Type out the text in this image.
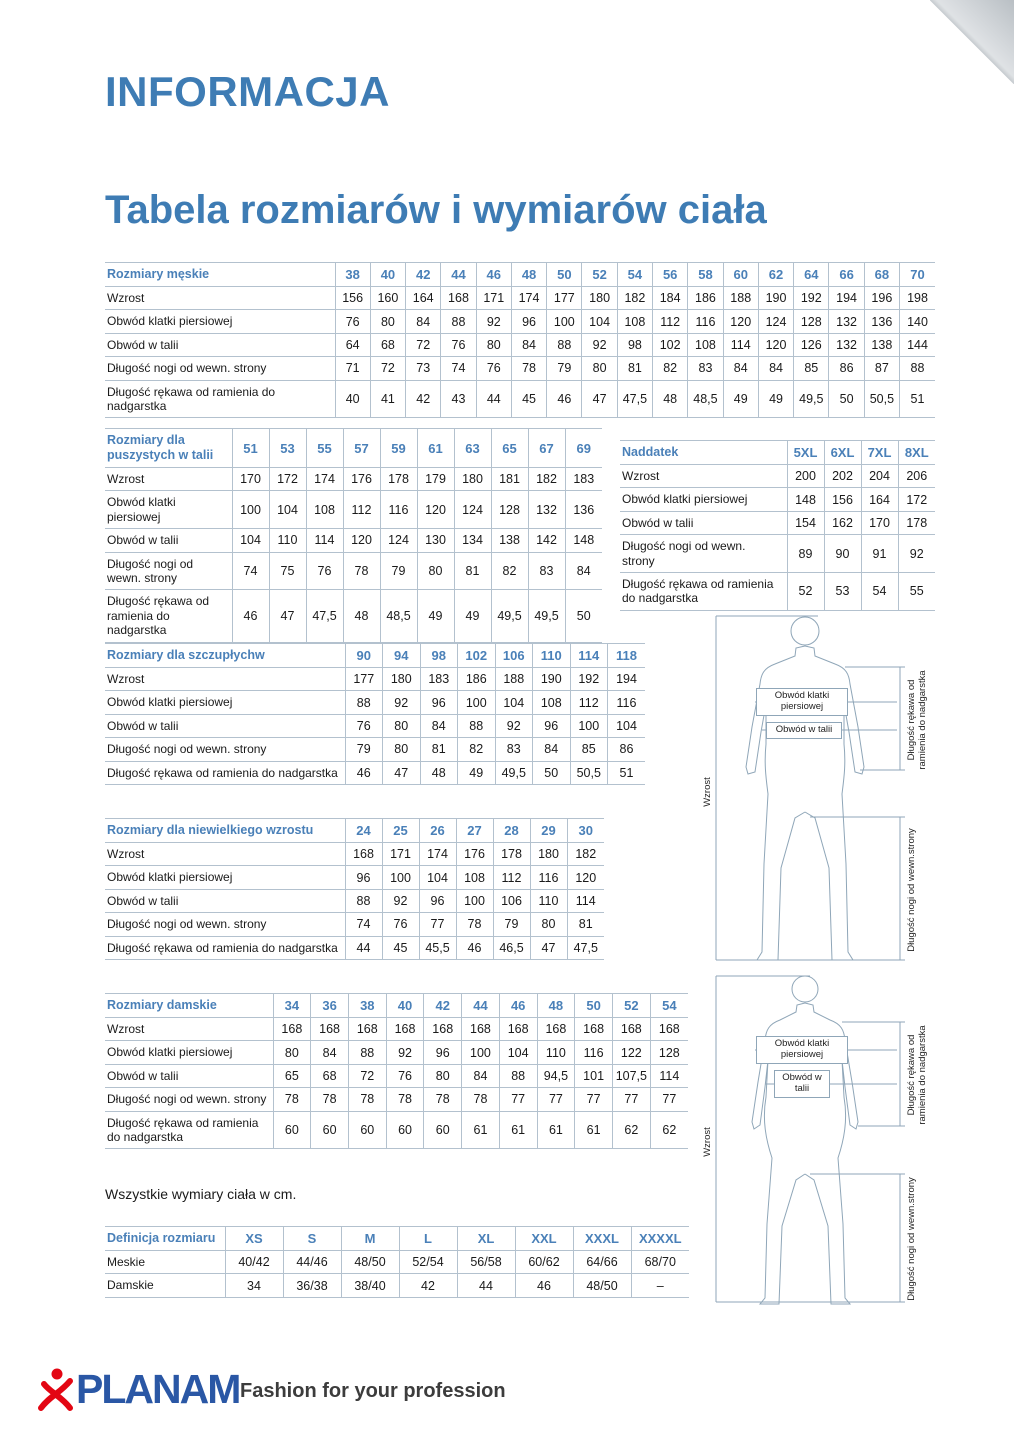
INFORMACJA
Tabela rozmiarów i wymiarów ciała
Rozmiary męskie	38	40	42	44	46	48	50	52	54	56	58	60	62	64	66	68	70
Wzrost	156	160	164	168	171	174	177	180	182	184	186	188	190	192	194	196	198
Obwód klatki piersiowej	76	80	84	88	92	96	100	104	108	112	116	120	124	128	132	136	140
Obwód w talii	64	68	72	76	80	84	88	92	98	102	108	114	120	126	132	138	144
Długość nogi od wewn. strony	71	72	73	74	76	78	79	80	81	82	83	84	84	85	86	87	88
Długość rękawa od ramienia do nadgarstka	40	41	42	43	44	45	46	47	47,5	48	48,5	49	49	49,5	50	50,5	51
Rozmiary dla puszystych w talii	51	53	55	57	59	61	63	65	67	69
Wzrost	170	172	174	176	178	179	180	181	182	183
Obwód klatki piersiowej	100	104	108	112	116	120	124	128	132	136
Obwód w talii	104	110	114	120	124	130	134	138	142	148
Długość nogi od wewn. strony	74	75	76	78	79	80	81	82	83	84
Długość rękawa od ramienia do nadgarstka	46	47	47,5	48	48,5	49	49	49,5	49,5	50
Naddatek	5XL	6XL	7XL	8XL
Wzrost	200	202	204	206
Obwód klatki piersiowej	148	156	164	172
Obwód w talii	154	162	170	178
Długość nogi od wewn. strony	89	90	91	92
Długość rękawa od ramienia do nadgarstka	52	53	54	55
Rozmiary dla szczupłychw	90	94	98	102	106	110	114	118
Wzrost	177	180	183	186	188	190	192	194
Obwód klatki piersiowej	88	92	96	100	104	108	112	116
Obwód w talii	76	80	84	88	92	96	100	104
Długość nogi od wewn. strony	79	80	81	82	83	84	85	86
Długość rękawa od ramienia do nadgarstka	46	47	48	49	49,5	50	50,5	51
Rozmiary dla niewielkiego wzrostu	24	25	26	27	28	29	30
Wzrost	168	171	174	176	178	180	182
Obwód klatki piersiowej	96	100	104	108	112	116	120
Obwód w talii	88	92	96	100	106	110	114
Długość nogi od wewn. strony	74	76	77	78	79	80	81
Długość rękawa od ramienia do nadgarstka	44	45	45,5	46	46,5	47	47,5
Rozmiary damskie	34	36	38	40	42	44	46	48	50	52	54
Wzrost	168	168	168	168	168	168	168	168	168	168	168
Obwód klatki piersiowej	80	84	88	92	96	100	104	110	116	122	128
Obwód w talii	65	68	72	76	80	84	88	94,5	101	107,5	114
Długość nogi od wewn. strony	78	78	78	78	78	78	77	77	77	77	77
Długość rękawa od ramienia do nadgarstka	60	60	60	60	60	61	61	61	61	62	62
Definicja rozmiaru	XS	S	M	L	XL	XXL	XXXL	XXXXL
Meskie	40/42	44/46	48/50	52/54	56/58	60/62	64/66	68/70
Damskie	34	36/38	38/40	42	44	46	48/50	–
Wszystkie wymiary ciała w cm.
Wzrost
Obwód klatki piersiowej
Obwód w talii	Długość rękawa od ramienia do nadgarstka
Długość nogi od wewn.strony
Wzrost
Obwód klatki piersiowej
Obwód w talii	Długość rękawa od ramienia do nadgarstka
Długość nogi od wewn.strony
PLANAM Fashion for your profession
